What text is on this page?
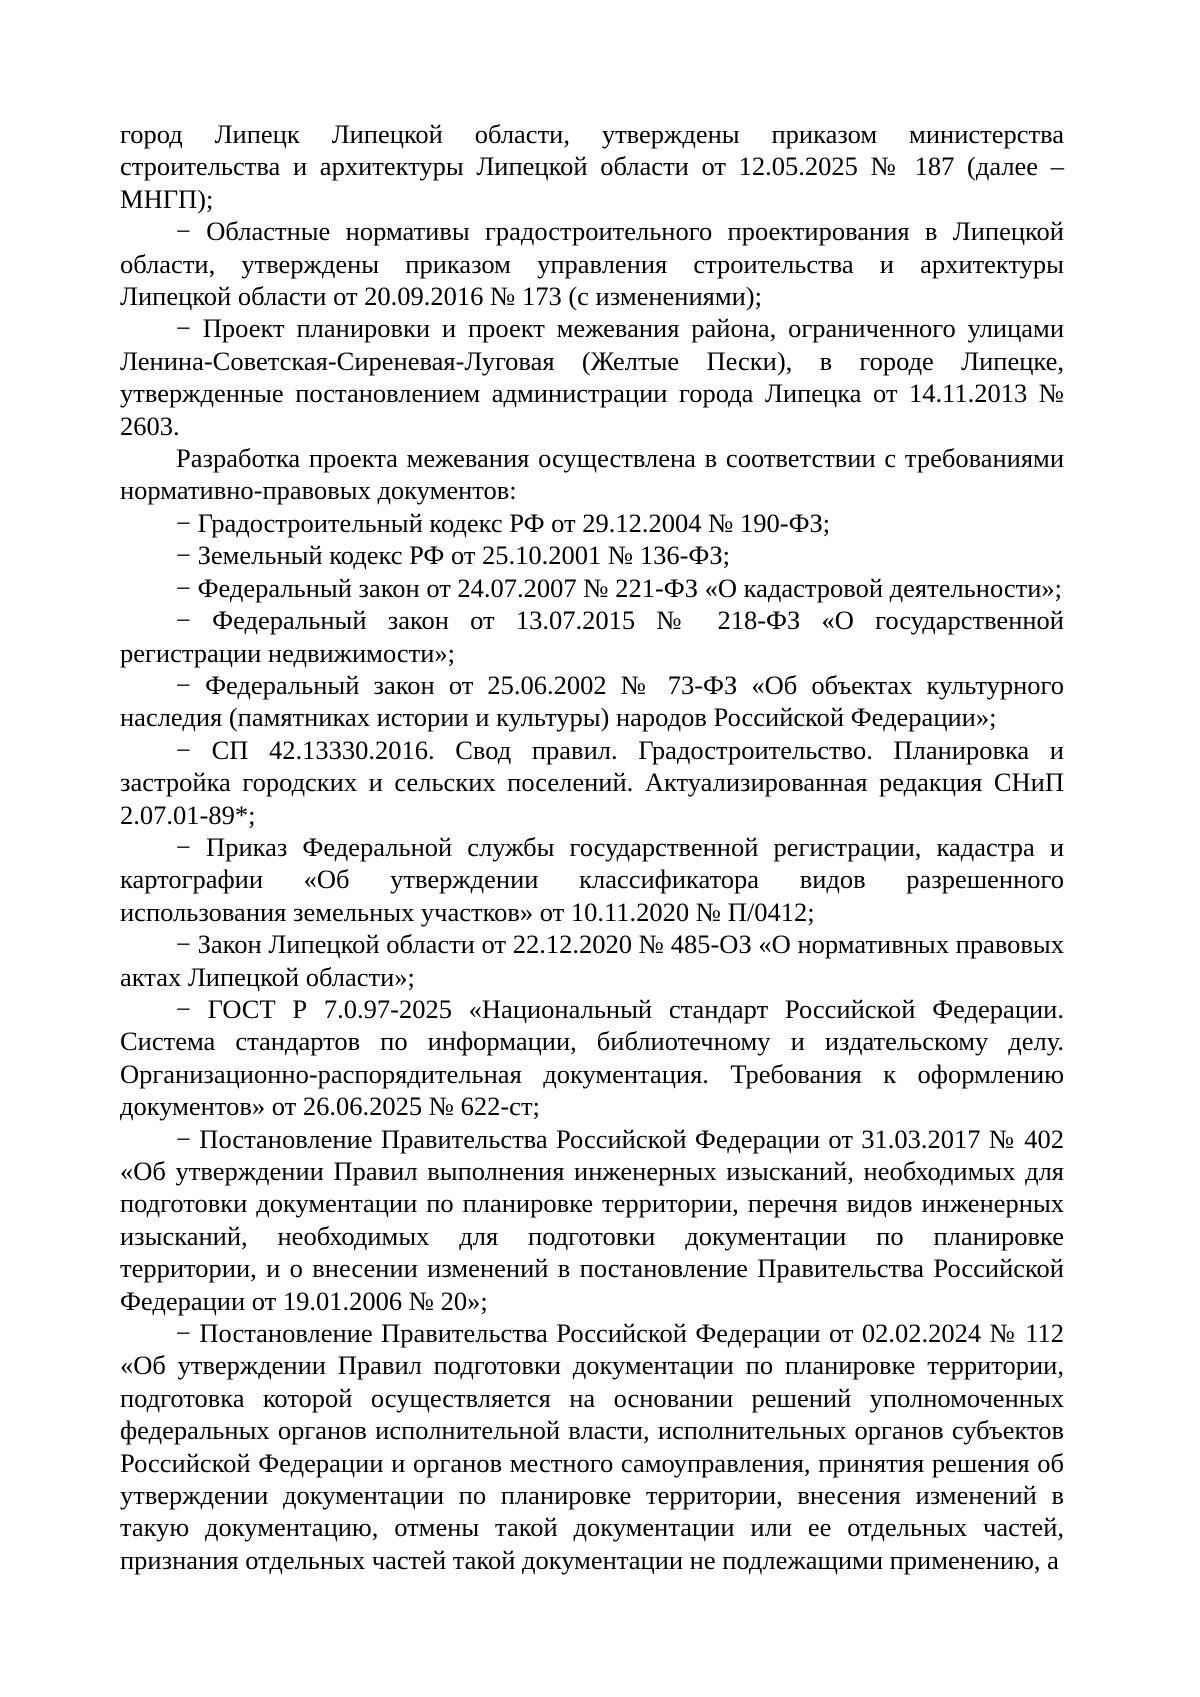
город Липецк Липецкой области, утверждены приказом министерства строительства и архитектуры Липецкой области от 12.05.2025 № 187 (далее – МНГП);

− Областные нормативы градостроительного проектирования в Липецкой области, утверждены приказом управления строительства и архитектуры Липецкой области от 20.09.2016 № 173 (с изменениями);

− Проект планировки и проект межевания района, ограниченного улицами Ленина-Советская-Сиреневая-Луговая (Желтые Пески), в городе Липецке, утвержденные постановлением администрации города Липецка от 14.11.2013 № 2603.

Разработка проекта межевания осуществлена в соответствии с требованиями нормативно-правовых документов:

− Градостроительный кодекс РФ от 29.12.2004 № 190-ФЗ;

− Земельный кодекс РФ от 25.10.2001 № 136-ФЗ;

− Федеральный закон от 24.07.2007 № 221-ФЗ «О кадастровой деятельности»;

− Федеральный закон от 13.07.2015 № 218-ФЗ «О государственной регистрации недвижимости»;

− Федеральный закон от 25.06.2002 № 73-ФЗ «Об объектах культурного наследия (памятниках истории и культуры) народов Российской Федерации»;

− СП 42.13330.2016. Свод правил. Градостроительство. Планировка и застройка городских и сельских поселений. Актуализированная редакция СНиП 2.07.01-89*;

− Приказ Федеральной службы государственной регистрации, кадастра и картографии «Об утверждении классификатора видов разрешенного использования земельных участков» от 10.11.2020 № П/0412;

− Закон Липецкой области от 22.12.2020 № 485-ОЗ «О нормативных правовых актах Липецкой области»;

− ГОСТ Р 7.0.97-2025 «Национальный стандарт Российской Федерации. Система стандартов по информации, библиотечному и издательскому делу. Организационно-распорядительная документация. Требования к оформлению документов» от 26.06.2025 № 622-ст;

− Постановление Правительства Российской Федерации от 31.03.2017 № 402 «Об утверждении Правил выполнения инженерных изысканий, необходимых для подготовки документации по планировке территории, перечня видов инженерных изысканий, необходимых для подготовки документации по планировке территории, и о внесении изменений в постановление Правительства Российской Федерации от 19.01.2006 № 20»;

− Постановление Правительства Российской Федерации от 02.02.2024 № 112 «Об утверждении Правил подготовки документации по планировке территории, подготовка которой осуществляется на основании решений уполномоченных федеральных органов исполнительной власти, исполнительных органов субъектов Российской Федерации и органов местного самоуправления, принятия решения об утверждении документации по планировке территории, внесения изменений в такую документацию, отмены такой документации или ее отдельных частей, признания отдельных частей такой документации не подлежащими применению, а
